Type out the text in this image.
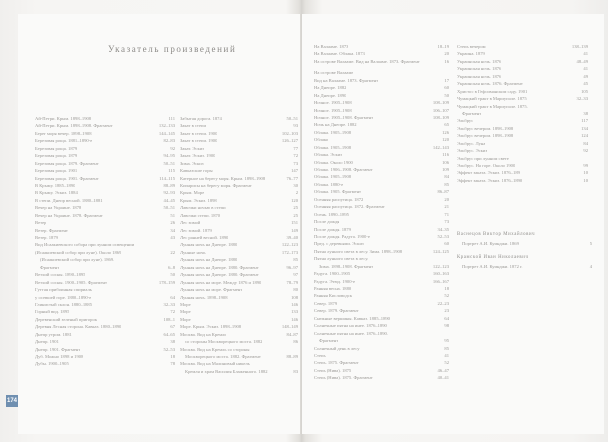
Указатель произведений
Ай-Петри. Крым. 1898–1908	111
Ай-Петри. Крым. 1898–1908. Фрагмент	132–133
Берег моря вечер. 1898–1908	144–145
Березовая роща. 1881–1890-е	82–83
Березовая роща. 1879	92
Березовая роща. 1879	94–95
Березовая роща. 1879. Фрагмент	50–51
Березовая роща. 1901	115
Березовая роща. 1901. Фрагмент	114–115
В Крыму. 1885–1890	88–89
В Крыму. Эскиз. 1884	92–93
В степи. Днепр весной. 1880–1881	44–45
Вечер на Украине. 1878	50–51
Вечер на Украине. 1878. Фрагмент	51
Ветер	26
Ветер. Фрагмент	34
Ветер. 1879	43
Вид Исаакиевского собора при лунном освещении
(Исаакиевский собор при луне). Около 1869	22
(Исаакиевский собор при луне). 1869.
Фрагмент	6–8
Ветхий сосны. 1890–1895	50
Ветхий сосны. 1900–1905. Фрагмент	178–159
Гуттая прибоинная спириаль
у осевшей горе. 1880–1890-е	64
Глинистый склон. 1880–1885	32–33
Горный вид. 1895	72
Деревенский зеленый пригорок	108–1
Деревня Лесная сторона. Кавказ. 1880–1890	67
Днепр утром. 1881	64–65
Днепр. 1901	38
Днепр. 1901. Фрагмент	52–53
Дуб. Можно 1898 и 1908	18
Дубы. 1900–1905	78
Забытая дорога. 1874	50–51
Закат в степи	93
Закат в степи. 1900	102–103
Закат в степи. 1900	126–127
Закат. Эскиз	77
Закат. Эскиз. 1900	72
Зима. Эскиз	73
Кавказские горы	147
Катерное на берегу моря. Крым. 1898–1908	76–77
Кипарисы на берегу моря. Фрагмент	30
Крым. Море	2
Крым. Эскиз. 1898	120
Лавочки ночью в степи	25
Лавочки степи. 1870	25
Лес зимой	151
Лес зимой. 1879	149
Лес ранней весной. 1890	39–40
Лунная ночь на Днепре. 1880	122–123
Лунные ночь	172–173
Лунная ночь на Днепре. 1880	85
Лунная ночь на Днепре. 1880. Фрагмент	96–97
Лунная ночь на Днепре. 1880. Фрагмент	97
Лунная ночь на море. Между 1876 и 1890	78–79
Лунная ночь на море. Фрагмент	80
Лунная ночь. 1898–1908	108
Море	146
Море	133
Море	146
Море. Крым. Эскиз. 1898–1908	148–149
Москва. Вид на Кремль	84–87
со стороны Москворецкого моста. 1882	86
Москва. Вид на Кремль со стороны
Москворецкого моста. 1882. Фрагмент	88–89
Москва. Вид на Малиновый никель
Кремля и храм Василия Блаженного. 1882	83
На Валааме. 1873	18–19
На Валааме. Облака. 1873	20
На острове Валааме. Вид на Валааме. 1873. Фрагмент	16
На острове Валааме
Вид на Валааме. 1873. Фрагмент	17
На Днепре. 1882	60
На Днепре. 1890	50
Ночное. 1905–1908	108–109
Ночное. 1905–1908	106–107
Ночное. 1905–1908. Фрагмент	108–109
Ночь на Днепре. 1882	65
Облака. 1905–1908	126
Облако	120
Облака. 1905–1908	142–143
Облака. Эскиз	116
Облака. Около 1900	106
Облако. 1906–1908. Фрагмент	109
Облака. 1905–1908	84
Облака. 1880-е	85
Облака. 1905. Фрагмент	86–87
Осенняя распутица. 1872	20
Осенняя распутица. 1872. Фрагмент	21
Осень. 1890–1895	71
После дождя	73
После дождя. 1879	34–35
После дождя. Радуга. 1900-е	52–53
Пред. с деревьями. Эскиз	60
Пятна лунного света в лесу. Зима. 1898–1908	124–125
Пятна лунного света в лесу.
Зима. 1898–1908. Фрагмент	122–123
Радуга. 1900–1905	160–163
Радуга. Этюд. 1900-е	166–167
Ранняя весна. 1880	18
Ранняя Кисловодск	52
Север. 1879	22–23
Север. 1879. Фрагмент	23
Снежные вершины. Кавказ. 1885–1890	64
Солнечные пятна на инее. 1876–1890	98
Солнечные пятна на инее. 1876–1890.
Фрагмент	95
Солнечный день в лесу	85
Степь	41
Степь. 1875. Фрагмент	52
Степь (Нива). 1875	46–47
Степь (Нива). 1875. Фрагмент	40–41
Степь вечером	138–139
Украина. 1879	41
Украинская ночь. 1876	48–49
Украинская ночь. 1876	41
Украинская ночь. 1876	49
Украинская ночь. 1876. Фрагмент	45
Христос в Гефсиманском саду. 1901	105
Чумацкий тракт в Мариуполе. 1875	32–33
Чумацкий тракт в Мариуполе. 1875.
Фрагмент	38
Эльбрус	117
Эльбрус вечером. 1898–1908	134
Эльбрус вечером. 1898–1908	124
Эльбрус. Луна	84
Эльбрус. Эскиз	92
Эльбрус при лунном свете
Эльбрус. На горе. Около 1900	99
Эффект заката. Эскиз. 1876–189	10
Эффект заката. Эскиз. 1876–1890	10
Васнецов Виктор Михайлович
Портрет А.И. Куинджи. 1869	5
Крамской Иван Николаевич
Портрет А.И. Куинджи. 1872 г.	4
174
